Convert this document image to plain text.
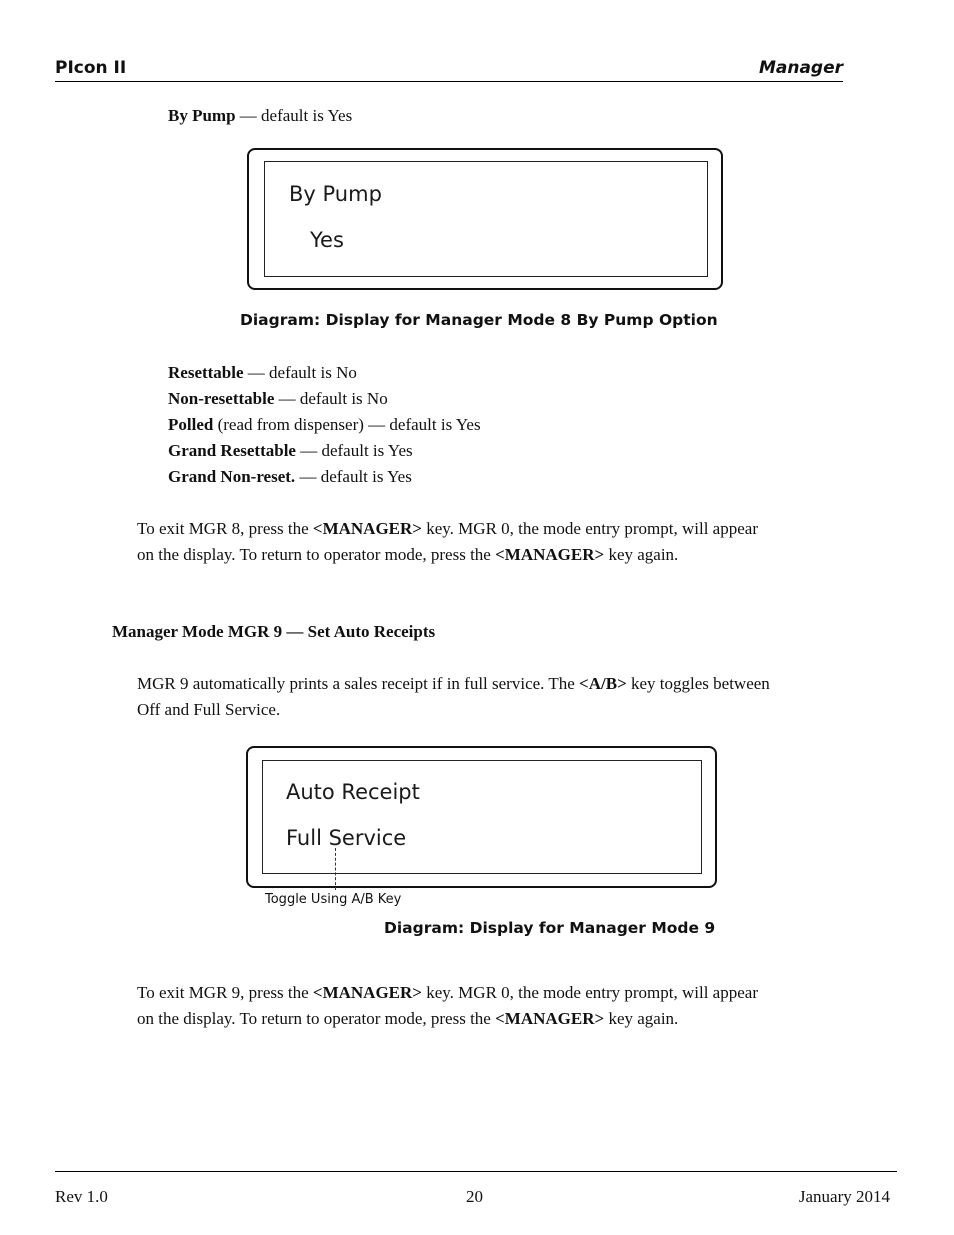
PIcon II	Manager
By Pump — default is Yes
By Pump
Yes
Diagram: Display for Manager Mode 8 By Pump Option
Resettable — default is No
Non-resettable — default is No
Polled (read from dispenser) — default is Yes
Grand Resettable — default is Yes
Grand Non-reset. — default is Yes
To exit MGR 8, press the <MANAGER> key. MGR 0, the mode entry prompt, will appear
on the display. To return to operator mode, press the <MANAGER> key again.
Manager Mode MGR 9 — Set Auto Receipts
MGR 9 automatically prints a sales receipt if in full service. The <A/B> key toggles between
Off and Full Service.
Auto Receipt
Full Service
Toggle Using A/B Key
Diagram: Display for Manager Mode 9
To exit MGR 9, press the <MANAGER> key. MGR 0, the mode entry prompt, will appear
on the display. To return to operator mode, press the <MANAGER> key again.
Rev 1.0	20	January 2014
